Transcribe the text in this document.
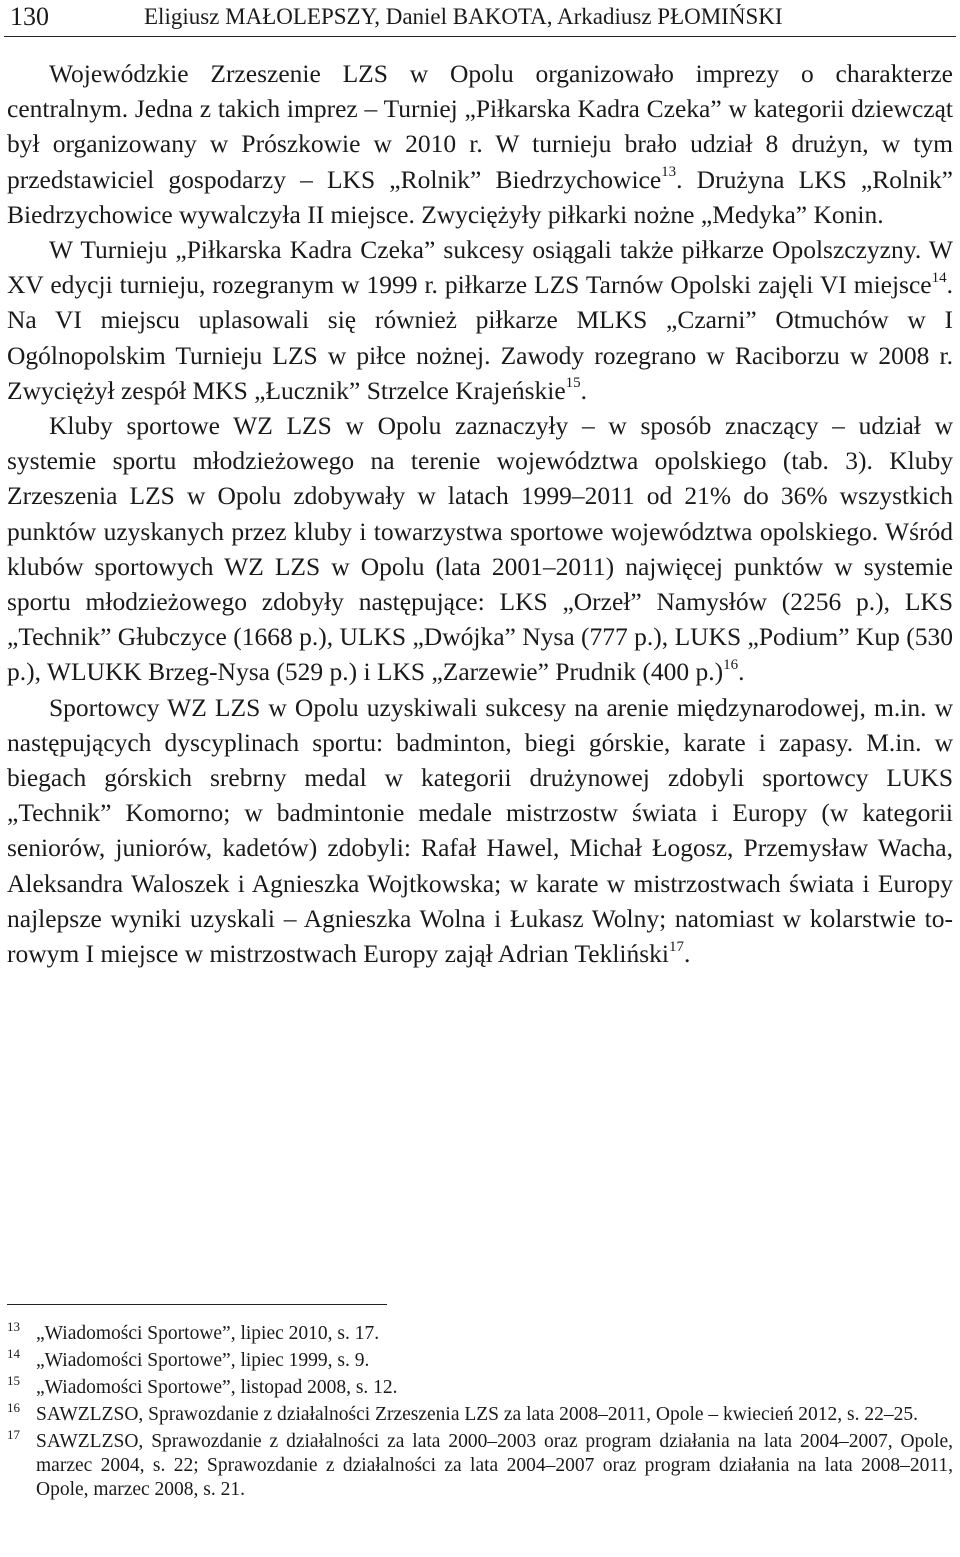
130	Eligiusz MAŁOLEPSZY, Daniel BAKOTA, Arkadiusz PŁOMIŃSKI

Wojewódzkie Zrzeszenie LZS w Opolu organizowało imprezy o charakterze centralnym. Jedna z takich imprez – Turniej „Piłkarska Kadra Czeka” w kategorii dziewcząt był organizowany w Prószkowie w 2010 r. W turnieju brało udział 8 drużyn, w tym przedstawiciel gospodarzy – LKS „Rolnik” Biedrzychowice$^{13}$. Drużyna LKS „Rolnik” Biedrzychowice wywalczyła II miejsce. Zwyciężyły piłkarki nożne „Medyka” Konin.

W Turnieju „Piłkarska Kadra Czeka” sukcesy osiągali także piłkarze Opolszczyzny. W XV edycji turnieju, rozegranym w 1999 r. piłkarze LZS Tarnów Opolski zajęli VI miejsce$^{14}$. Na VI miejscu uplasowali się również piłkarze MLKS „Czarni” Otmuchów w I Ogólnopolskim Turnieju LZS w piłce nożnej. Zawody rozegrano w Raciborzu w 2008 r. Zwyciężył zespół MKS „Łucznik” Strzelce Krajeńskie$^{15}$.

Kluby sportowe WZ LZS w Opolu zaznaczyły – w sposób znaczący – udział w systemie sportu młodzieżowego na terenie województwa opolskiego (tab. 3). Kluby Zrzeszenia LZS w Opolu zdobywały w latach 1999–2011 od 21% do 36% wszystkich punktów uzyskanych przez kluby i towarzystwa sportowe województwa opolskiego. Wśród klubów sportowych WZ LZS w Opolu (lata 2001–2011) najwięcej punktów w systemie sportu młodzieżowego zdobyły następujące: LKS „Orzeł” Namysłów (2256 p.), LKS „Technik” Głubczyce (1668 p.), ULKS „Dwójka” Nysa (777 p.), LUKS „Podium” Kup (530 p.), WLUKK Brzeg-Nysa (529 p.) i LKS „Zarzewie” Prudnik (400 p.)$^{16}$.

Sportowcy WZ LZS w Opolu uzyskiwali sukcesy na arenie międzynarodowej, m.in. w następujących dyscyplinach sportu: badminton, biegi górskie, karate i zapasy. M.in. w biegach górskich srebrny medal w kategorii drużynowej zdobyli sportowcy LUKS „Technik” Komorno; w badmintonie medale mistrzostw świata i Europy (w kategorii seniorów, juniorów, kadetów) zdobyli: Rafał Hawel, Michał Łogosz, Przemysław Wacha, Aleksandra Waloszek i Agnieszka Wojtkowska; w karate w mistrzostwach świata i Europy najlepsze wyniki uzyskali – Agnieszka Wolna i Łukasz Wolny; natomiast w kolarstwie torowym I miejsce w mistrzostwach Europy zajął Adrian Tekliński$^{17}$.

13 „Wiadomości Sportowe”, lipiec 2010, s. 17.
14 „Wiadomości Sportowe”, lipiec 1999, s. 9.
15 „Wiadomości Sportowe”, listopad 2008, s. 12.
16 SAWZLZSO, Sprawozdanie z działalności Zrzeszenia LZS za lata 2008–2011, Opole – kwiecień 2012, s. 22–25.
17 SAWZLZSO, Sprawozdanie z działalności za lata 2000–2003 oraz program działania na lata 2004–2007, Opole, marzec 2004, s. 22; Sprawozdanie z działalności za lata 2004–2007 oraz program działania na lata 2008–2011, Opole, marzec 2008, s. 21.
